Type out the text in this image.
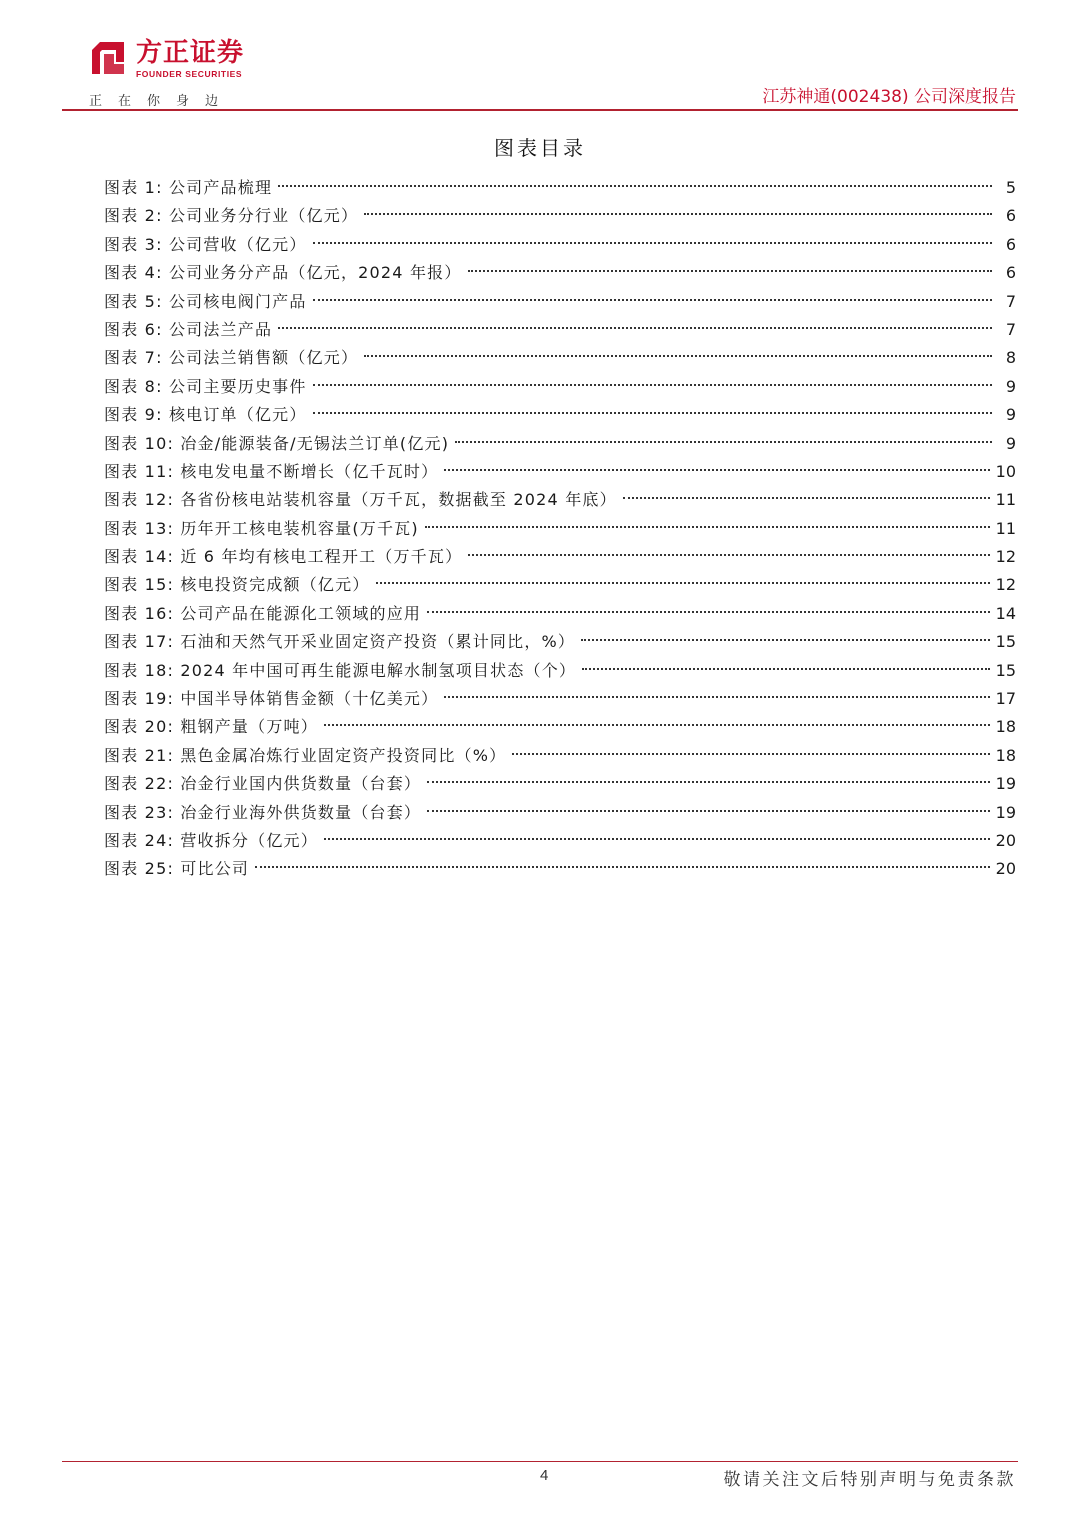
方正证券
FOUNDER SECURITIES
正在你身边	江苏神通(002438) 公司深度报告
图表目录
图表 1: 公司产品梳理	5
图表 2: 公司业务分行业（亿元）	6
图表 3: 公司营收（亿元）	6
图表 4: 公司业务分产品（亿元，2024 年报）	6
图表 5: 公司核电阀门产品	7
图表 6: 公司法兰产品	7
图表 7: 公司法兰销售额（亿元）	8
图表 8: 公司主要历史事件	9
图表 9: 核电订单（亿元）	9
图表 10: 冶金/能源装备/无锡法兰订单(亿元)	9
图表 11: 核电发电量不断增长（亿千瓦时）	10
图表 12: 各省份核电站装机容量（万千瓦，数据截至 2024 年底）	11
图表 13: 历年开工核电装机容量(万千瓦)	11
图表 14: 近 6 年均有核电工程开工（万千瓦）	12
图表 15: 核电投资完成额（亿元）	12
图表 16: 公司产品在能源化工领域的应用	14
图表 17: 石油和天然气开采业固定资产投资（累计同比，%）	15
图表 18: 2024 年中国可再生能源电解水制氢项目状态（个）	15
图表 19: 中国半导体销售金额（十亿美元）	17
图表 20: 粗钢产量（万吨）	18
图表 21: 黑色金属冶炼行业固定资产投资同比（%）	18
图表 22: 冶金行业国内供货数量（台套）	19
图表 23: 冶金行业海外供货数量（台套）	19
图表 24: 营收拆分（亿元）	20
图表 25: 可比公司	20
4	敬请关注文后特别声明与免责条款
